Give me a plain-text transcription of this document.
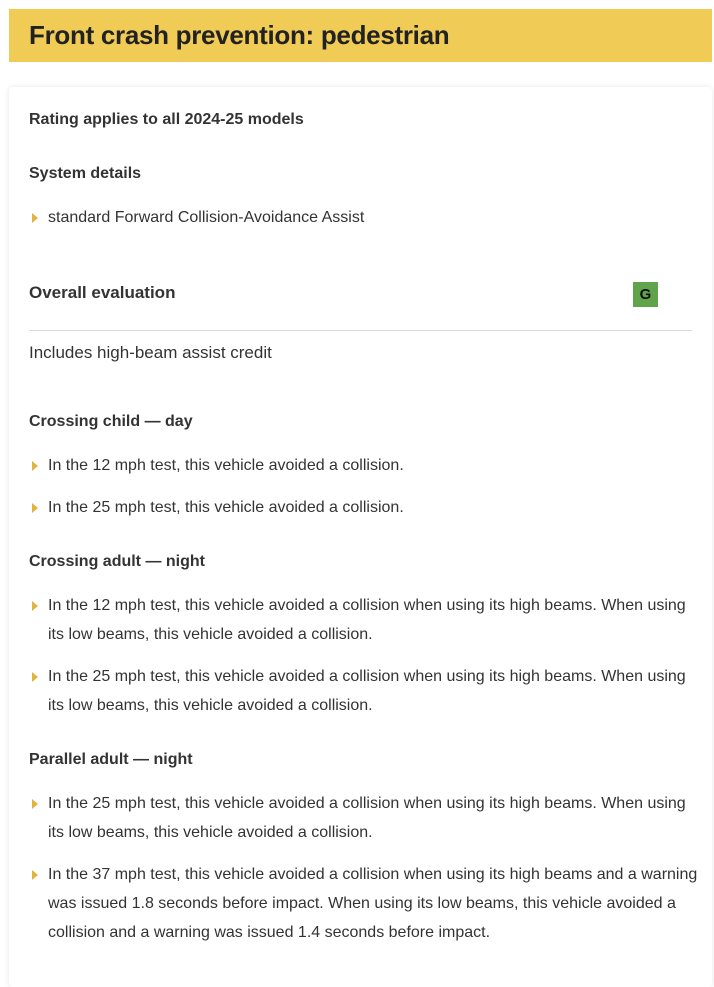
Front crash prevention: pedestrian
Rating applies to all 2024-25 models
System details
standard Forward Collision-Avoidance Assist
Overall evaluation	G
Includes high-beam assist credit
Crossing child — day
In the 12 mph test, this vehicle avoided a collision.
In the 25 mph test, this vehicle avoided a collision.
Crossing adult — night
In the 12 mph test, this vehicle avoided a collision when using its high beams. When using its low beams, this vehicle avoided a collision.
In the 25 mph test, this vehicle avoided a collision when using its high beams. When using its low beams, this vehicle avoided a collision.
Parallel adult — night
In the 25 mph test, this vehicle avoided a collision when using its high beams. When using its low beams, this vehicle avoided a collision.
In the 37 mph test, this vehicle avoided a collision when using its high beams and a warning was issued 1.8 seconds before impact. When using its low beams, this vehicle avoided a collision and a warning was issued 1.4 seconds before impact.
